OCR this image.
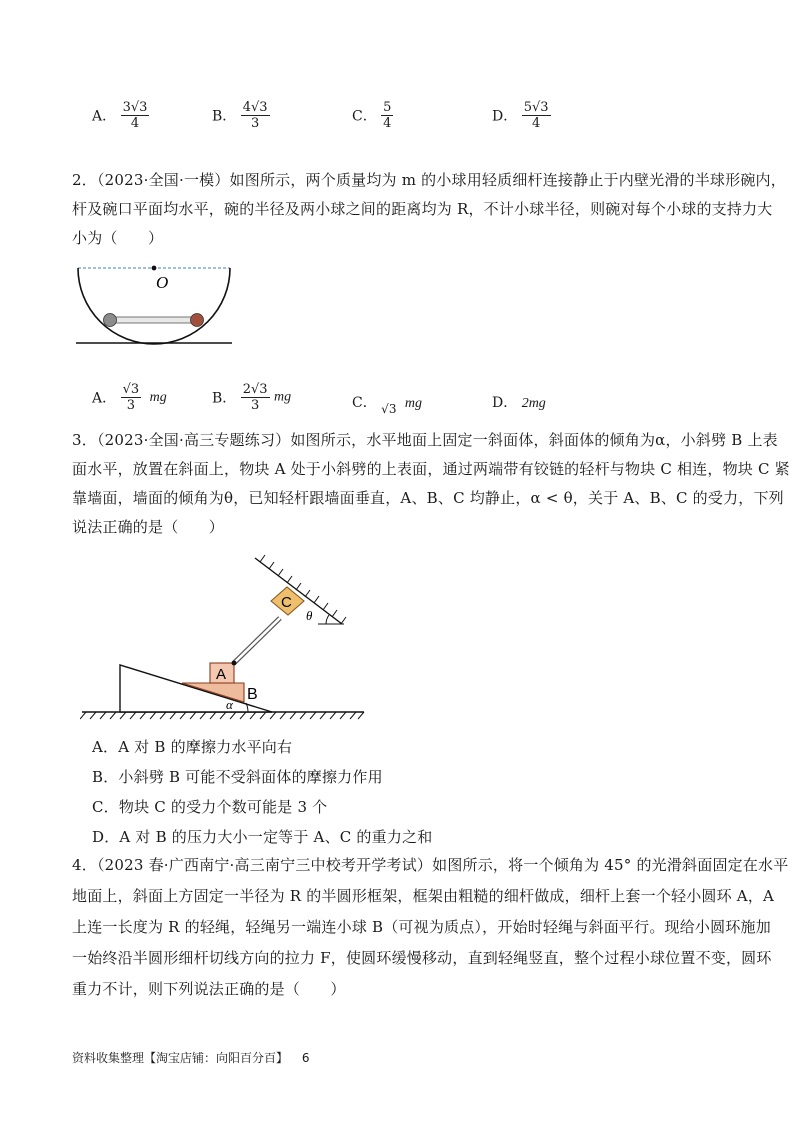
A． $\frac{3√3}{4}$	B． $\frac{4√3}{3}$	C． $\frac{5}{4}$	D． $\frac{5√3}{4}$
2．（2023·全国·一模）如图所示，两个质量均为 m 的小球用轻质细杆连接静止于内壁光滑的半球形碗内，
杆及碗口平面均水平，碗的半径及两小球之间的距离均为 R，不计小球半径，则碗对每个小球的支持力大
小为（　　）
O
A． $\frac{√3}{3}$ mg	B． $\frac{2√3}{3}$ mg	C． √3 mg	D． 2mg
3．（2023·全国·高三专题练习）如图所示，水平地面上固定一斜面体，斜面体的倾角为α，小斜劈 B 上表
面水平，放置在斜面上，物块 A 处于小斜劈的上表面，通过两端带有铰链的轻杆与物块 C 相连，物块 C 紧
靠墙面，墙面的倾角为θ，已知轻杆跟墙面垂直，A、B、C 均静止，α < θ，关于 A、B、C 的受力，下列
说法正确的是（　　）
B
A
θ
C
α
A．A 对 B 的摩擦力水平向右
B．小斜劈 B 可能不受斜面体的摩擦力作用
C．物块 C 的受力个数可能是 3 个
D．A 对 B 的压力大小一定等于 A、C 的重力之和
4．（2023 春·广西南宁·高三南宁三中校考开学考试）如图所示，将一个倾角为 45° 的光滑斜面固定在水平
地面上，斜面上方固定一半径为 R 的半圆形框架，框架由粗糙的细杆做成，细杆上套一个轻小圆环 A，A
上连一长度为 R 的轻绳，轻绳另一端连小球 B（可视为质点），开始时轻绳与斜面平行。现给小圆环施加
一始终沿半圆形细杆切线方向的拉力 F，使圆环缓慢移动，直到轻绳竖直，整个过程小球位置不变，圆环
重力不计，则下列说法正确的是（　　）
资料收集整理【淘宝店铺：向阳百分百】 6
